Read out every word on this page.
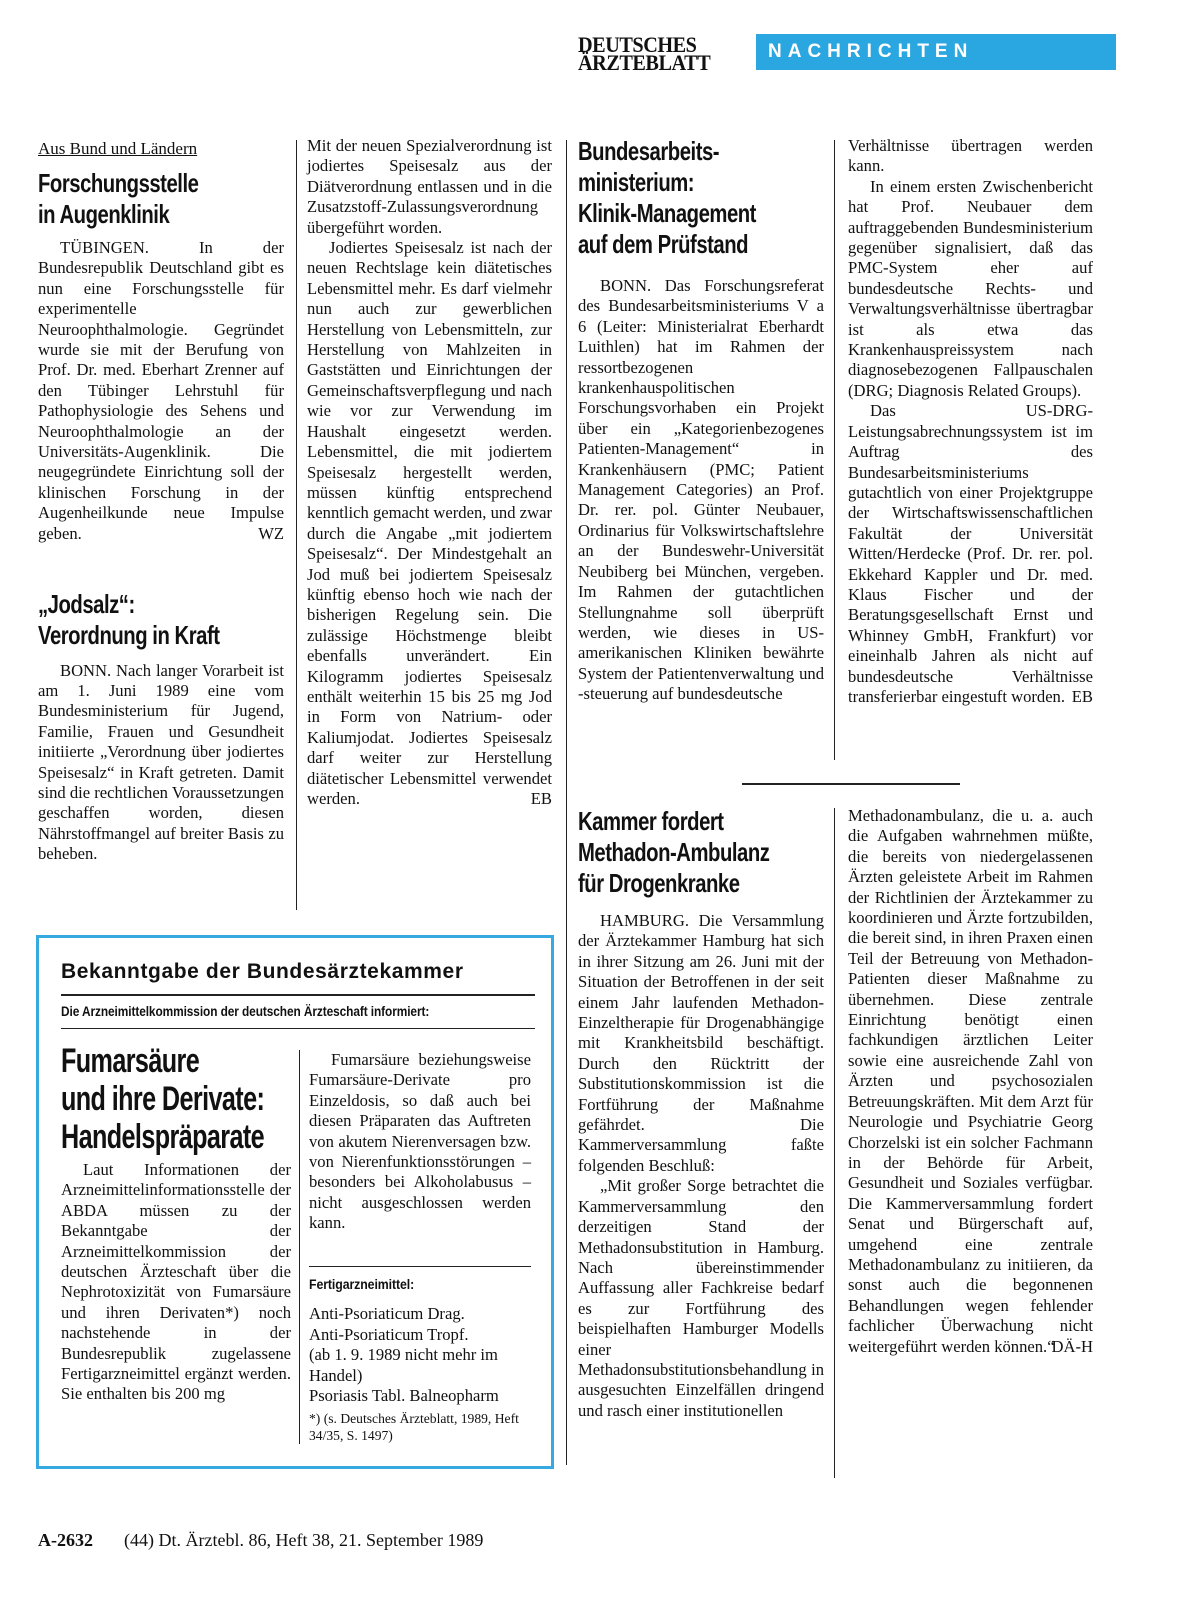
DEUTSCHES
ÄRZTEBLATT	NACHRICHTEN
Aus Bund und Ländern
Forschungsstelle
in Augenklinik

TÜBINGEN. In der Bundesrepublik Deutschland gibt es nun eine Forschungsstelle für experimentelle Neuroophthalmologie. Gegründet wurde sie mit der Berufung von Prof. Dr. med. Eberhart Zrenner auf den Tübinger Lehrstuhl für Pathophysiologie des Sehens und Neuroophthalmologie an der Universitäts-Augenklinik. Die neugegründete Einrichtung soll der klinischen Forschung in der Augenheilkunde neue Impulse geben.	WZ
„Jodsalz“:
Verordnung in Kraft

BONN. Nach langer Vorarbeit ist am 1. Juni 1989 eine vom Bundesministerium für Jugend, Familie, Frauen und Gesundheit initiierte „Verordnung über jodiertes Speisesalz“ in Kraft getreten. Damit sind die rechtlichen Voraussetzungen geschaffen worden, diesen Nährstoffmangel auf breiter Basis zu beheben.

Mit der neuen Spezialverordnung ist jodiertes Speisesalz aus der Diätverordnung entlassen und in die Zusatzstoff-Zulassungsverordnung übergeführt worden.

Jodiertes Speisesalz ist nach der neuen Rechtslage kein diätetisches Lebensmittel mehr. Es darf vielmehr nun auch zur gewerblichen Herstellung von Lebensmitteln, zur Herstellung von Mahlzeiten in Gaststätten und Einrichtungen der Gemeinschaftsverpflegung und nach wie vor zur Verwendung im Haushalt eingesetzt werden. Lebensmittel, die mit jodiertem Speisesalz hergestellt werden, müssen künftig entsprechend kenntlich gemacht werden, und zwar durch die Angabe „mit jodiertem Speisesalz“. Der Mindestgehalt an Jod muß bei jodiertem Speisesalz künftig ebenso hoch wie nach der bisherigen Regelung sein. Die zulässige Höchstmenge bleibt ebenfalls unverändert. Ein Kilogramm jodiertes Speisesalz enthält weiterhin 15 bis 25 mg Jod in Form von Natrium- oder Kaliumjodat. Jodiertes Speisesalz darf weiter zur Herstellung diätetischer Lebensmittel verwendet werden.	EB
Bundesarbeits-
ministerium:
Klinik-Management
auf dem Prüfstand

BONN. Das Forschungsreferat des Bundesarbeitsministeriums V a 6 (Leiter: Ministerialrat Eberhardt Luithlen) hat im Rahmen der ressortbezogenen krankenhauspolitischen Forschungsvorhaben ein Projekt über ein „Kategorienbezogenes Patienten-Management“ in Krankenhäusern (PMC; Patient Management Categories) an Prof. Dr. rer. pol. Günter Neubauer, Ordinarius für Volkswirtschaftslehre an der Bundeswehr-Universität Neubiberg bei München, vergeben. Im Rahmen der gutachtlichen Stellungnahme soll überprüft werden, wie dieses in US-amerikanischen Kliniken bewährte System der Patientenverwaltung und -steuerung auf bundesdeutsche

Verhältnisse übertragen werden kann.

In einem ersten Zwischenbericht hat Prof. Neubauer dem auftraggebenden Bundesministerium gegenüber signalisiert, daß das PMC-System eher auf bundesdeutsche Rechts- und Verwaltungsverhältnisse übertragbar ist als etwa das Krankenhauspreissystem nach diagnosebezogenen Fallpauschalen (DRG; Diagnosis Related Groups).

Das US-DRG-Leistungsabrechnungssystem ist im Auftrag des Bundesarbeitsministeriums gutachtlich von einer Projektgruppe der Wirtschaftswissenschaftlichen Fakultät der Universität Witten/Herdecke (Prof. Dr. rer. pol. Ekkehard Kappler und Dr. med. Klaus Fischer und der Beratungsgesellschaft Ernst und Whinney GmbH, Frankfurt) vor eineinhalb Jahren als nicht auf bundesdeutsche Verhältnisse transferierbar eingestuft worden. EB
Kammer fordert
Methadon-Ambulanz
für Drogenkranke

HAMBURG. Die Versammlung der Ärztekammer Hamburg hat sich in ihrer Sitzung am 26. Juni mit der Situation der Betroffenen in der seit einem Jahr laufenden Methadon-Einzeltherapie für Drogenabhängige mit Krankheitsbild beschäftigt. Durch den Rücktritt der Substitutionskommission ist die Fortführung der Maßnahme gefährdet. Die Kammerversammlung faßte folgenden Beschluß:

„Mit großer Sorge betrachtet die Kammerversammlung den derzeitigen Stand der Methadonsubstitution in Hamburg. Nach übereinstimmender Auffassung aller Fachkreise bedarf es zur Fortführung des beispielhaften Hamburger Modells einer Methadonsubstitutionsbehandlung in ausgesuchten Einzelfällen dringend und rasch einer institutionellen

Methadonambulanz, die u. a. auch die Aufgaben wahrnehmen müßte, die bereits von niedergelassenen Ärzten geleistete Arbeit im Rahmen der Richtlinien der Ärztekammer zu koordinieren und Ärzte fortzubilden, die bereit sind, in ihren Praxen einen Teil der Betreuung von Methadon-Patienten dieser Maßnahme zu übernehmen. Diese zentrale Einrichtung benötigt einen fachkundigen ärztlichen Leiter sowie eine ausreichende Zahl von Ärzten und psychosozialen Betreuungskräften. Mit dem Arzt für Neurologie und Psychiatrie Georg Chorzelski ist ein solcher Fachmann in der Behörde für Arbeit, Gesundheit und Soziales verfügbar. Die Kammerversammlung fordert Senat und Bürgerschaft auf, umgehend eine zentrale Methadonambulanz zu initiieren, da sonst auch die begonnenen Behandlungen wegen fehlender fachlicher Überwachung nicht weitergeführt werden können.“

DÄ-H
Bekanntgabe der Bundesärztekammer
Die Arzneimittelkommission der deutschen Ärzteschaft informiert:
Fumarsäure
und ihre Derivate:
Handelspräparate

Laut Informationen der Arzneimittelinformationsstelle der ABDA müssen zu der Bekanntgabe der Arzneimittelkommission der deutschen Ärzteschaft über die Nephrotoxizität von Fumarsäure und ihren Derivaten*) noch nachstehende in der Bundesrepublik zugelassene Fertigarzneimittel ergänzt werden. Sie enthalten bis 200 mg

Fumarsäure beziehungsweise Fumarsäure-Derivate pro Einzeldosis, so daß auch bei diesen Präparaten das Auftreten von akutem Nierenversagen bzw. von Nierenfunktionsstörungen – besonders bei Alkoholabusus – nicht ausgeschlossen werden kann.

Fertigarzneimittel:
Anti-Psoriaticum Drag.
Anti-Psoriaticum Tropf.
(ab 1. 9. 1989 nicht mehr im Handel)
Psoriasis Tabl. Balneopharm
*) (s. Deutsches Ärzteblatt, 1989, Heft 34/35, S. 1497)
A-2632 (44) Dt. Ärztebl. 86, Heft 38, 21. September 1989
